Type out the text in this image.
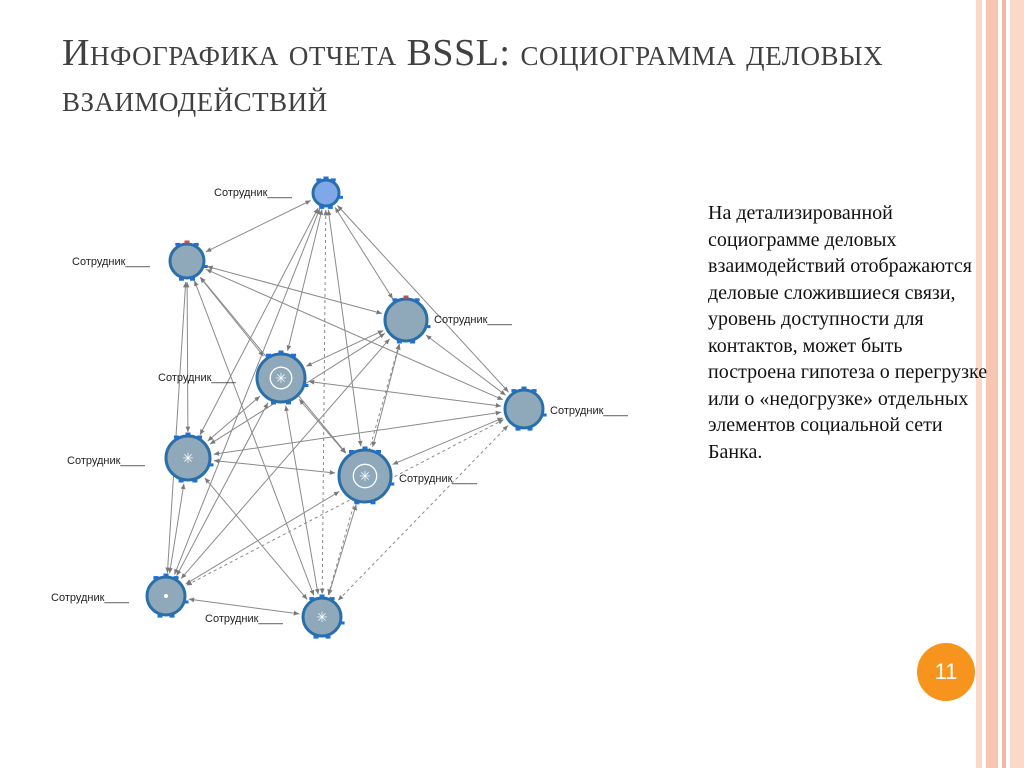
Инфографика отчета BSSL: социограмма деловых взаимодействий
Сотрудник____
Сотрудник____
Сотрудник____
✳
Сотрудник____
Сотрудник____
✳
Сотрудник____
✳	Сотрудник____
Сотрудник____
✳
Сотрудник____
На детализированной социограмме деловых взаимодействий отображаются деловые сложившиеся связи, уровень доступности для контактов, может быть построена гипотеза о перегрузке или о «недогрузке» отдельных элементов социальной сети Банка.
11
